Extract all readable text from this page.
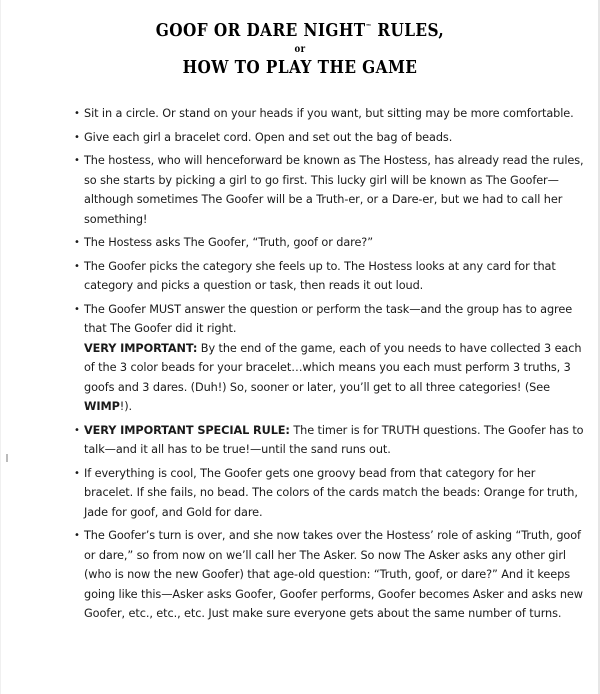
GOOF OR DARE NIGHT™ RULES,
or
HOW TO PLAY THE GAME
• Sit in a circle. Or stand on your heads if you want, but sitting may be more comfortable.

• Give each girl a bracelet cord. Open and set out the bag of beads.

• The hostess, who will henceforward be known as The Hostess, has already read the rules, so she starts by picking a girl to go first. This lucky girl will be known as The Goofer—although sometimes The Goofer will be a Truth-er, or a Dare-er, but we had to call her something!

• The Hostess asks The Goofer, “Truth, goof or dare?”

• The Goofer picks the category she feels up to. The Hostess looks at any card for that category and picks a question or task, then reads it out loud.

• The Goofer MUST answer the question or perform the task—and the group has to agree that The Goofer did it right.

VERY IMPORTANT: By the end of the game, each of you needs to have collected 3 each of the 3 color beads for your bracelet…which means you each must perform 3 truths, 3 goofs and 3 dares. (Duh!) So, sooner or later, you’ll get to all three categories! (See WIMP!).

• VERY IMPORTANT SPECIAL RULE: The timer is for TRUTH questions. The Goofer has to talk—and it all has to be true!—until the sand runs out.

• If everything is cool, The Goofer gets one groovy bead from that category for her bracelet. If she fails, no bead. The colors of the cards match the beads: Orange for truth, Jade for goof, and Gold for dare.

• The Goofer’s turn is over, and she now takes over the Hostess’ role of asking “Truth, goof or dare,” so from now on we’ll call her The Asker. So now The Asker asks any other girl (who is now the new Goofer) that age-old question: “Truth, goof, or dare?” And it keeps going like this—Asker asks Goofer, Goofer performs, Goofer becomes Asker and asks new Goofer, etc., etc., etc. Just make sure everyone gets about the same number of turns.
